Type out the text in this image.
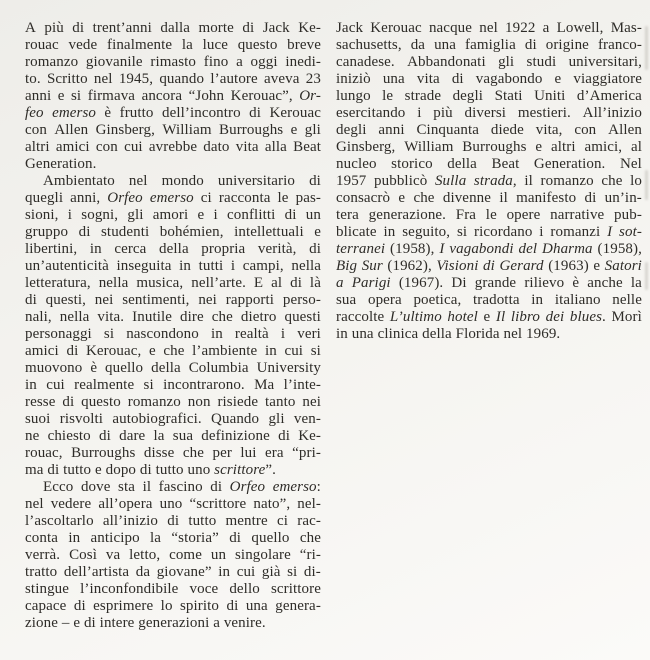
A più di trent’anni dalla morte di Jack Ke-
rouac vede finalmente la luce questo breve
romanzo giovanile rimasto fino a oggi inedi-
to. Scritto nel 1945, quando l’autore aveva 23
anni e si firmava ancora “John Kerouac”, Or-
feo emerso è frutto dell’incontro di Kerouac
con Allen Ginsberg, William Burroughs e gli
altri amici con cui avrebbe dato vita alla Beat
Generation.
Ambientato nel mondo universitario di
quegli anni, Orfeo emerso ci racconta le pas-
sioni, i sogni, gli amori e i conflitti di un
gruppo di studenti bohémien, intellettuali e
libertini, in cerca della propria verità, di
un’autenticità inseguita in tutti i campi, nella
letteratura, nella musica, nell’arte. E al di là
di questi, nei sentimenti, nei rapporti perso-
nali, nella vita. Inutile dire che dietro questi
personaggi si nascondono in realtà i veri
amici di Kerouac, e che l’ambiente in cui si
muovono è quello della Columbia University
in cui realmente si incontrarono. Ma l’inte-
resse di questo romanzo non risiede tanto nei
suoi risvolti autobiografici. Quando gli ven-
ne chiesto di dare la sua definizione di Ke-
rouac, Burroughs disse che per lui era “pri-
ma di tutto e dopo di tutto uno scrittore”.
Ecco dove sta il fascino di Orfeo emerso:
nel vedere all’opera uno “scrittore nato”, nel-
l’ascoltarlo all’inizio di tutto mentre ci rac-
conta in anticipo la “storia” di quello che
verrà. Così va letto, come un singolare “ri-
tratto dell’artista da giovane” in cui già si di-
stingue l’inconfondibile voce dello scrittore
capace di esprimere lo spirito di una genera-
zione – e di intere generazioni a venire.
Jack Kerouac nacque nel 1922 a Lowell, Mas-
sachusetts, da una famiglia di origine franco-
canadese. Abbandonati gli studi universitari,
iniziò una vita di vagabondo e viaggiatore
lungo le strade degli Stati Uniti d’America
esercitando i più diversi mestieri. All’inizio
degli anni Cinquanta diede vita, con Allen
Ginsberg, William Burroughs e altri amici, al
nucleo storico della Beat Generation. Nel
1957 pubblicò Sulla strada, il romanzo che lo
consacrò e che divenne il manifesto di un’in-
tera generazione. Fra le opere narrative pub-
blicate in seguito, si ricordano i romanzi I sot-
terranei (1958), I vagabondi del Dharma (1958),
Big Sur (1962), Visioni di Gerard (1963) e Satori
a Parigi (1967). Di grande rilievo è anche la
sua opera poetica, tradotta in italiano nelle
raccolte L’ultimo hotel e Il libro dei blues. Morì
in una clinica della Florida nel 1969.
